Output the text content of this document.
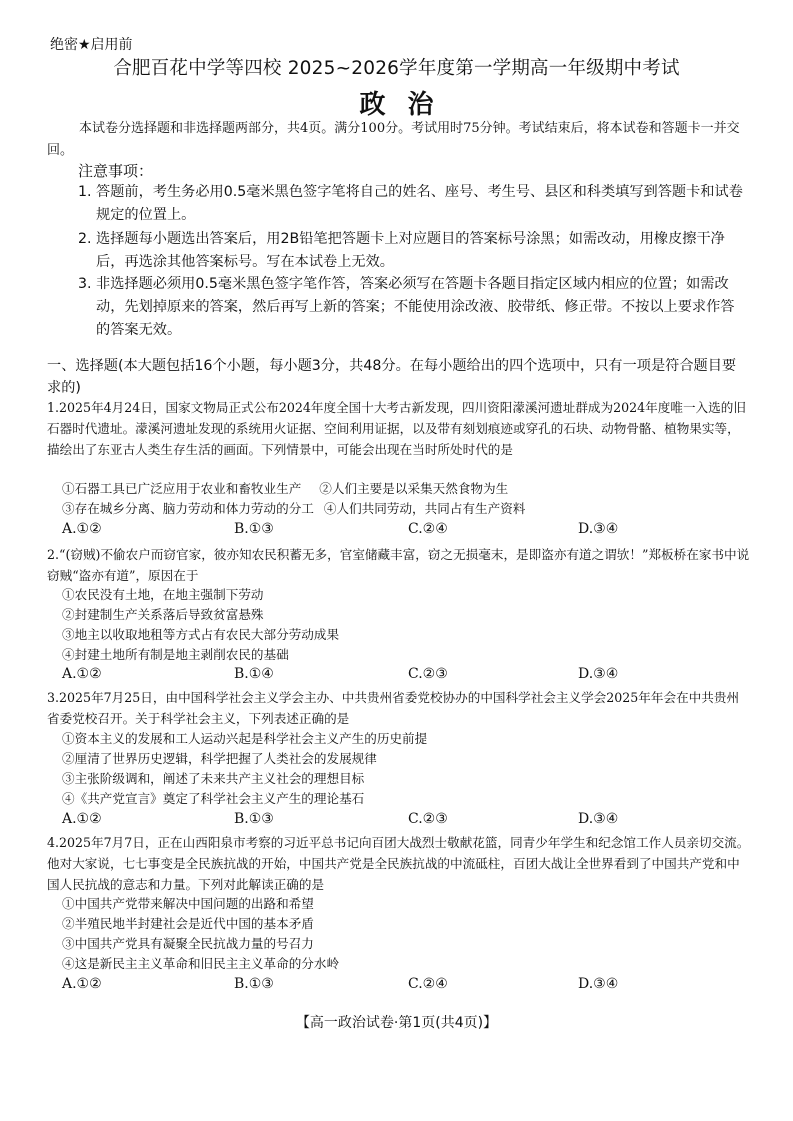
绝密★启用前
合肥百花中学等四校 2025~2026学年度第一学期高一年级期中考试
政治
本试卷分选择题和非选择题两部分，共4页。满分100分。考试用时75分钟。考试结束后，将本试卷和答题卡一并交回。
注意事项：
1. 答题前，考生务必用0.5毫米黑色签字笔将自己的姓名、座号、考生号、县区和科类填写到答题卡和试卷规定的位置上。
2. 选择题每小题选出答案后，用2B铅笔把答题卡上对应题目的答案标号涂黑；如需改动，用橡皮擦干净后，再选涂其他答案标号。写在本试卷上无效。
3. 非选择题必须用0.5毫米黑色签字笔作答，答案必须写在答题卡各题目指定区域内相应的位置；如需改动，先划掉原来的答案，然后再写上新的答案；不能使用涂改液、胶带纸、修正带。不按以上要求作答的答案无效。
一、选择题(本大题包括16个小题，每小题3分，共48分。在每小题给出的四个选项中，只有一项是符合题目要求的)
1.2025年4月24日，国家文物局正式公布2024年度全国十大考古新发现，四川资阳濛溪河遗址群成为2024年度唯一入选的旧石器时代遗址。濛溪河遗址发现的系统用火证据、空间利用证据，以及带有刻划痕迹或穿孔的石块、动物骨骼、植物果实等，描绘出了东亚古人类生存生活的画面。下列情景中，可能会出现在当时所处时代的是
①石器工具已广泛应用于农业和畜牧业生产 ②人们主要是以采集天然食物为生
③存在城乡分离、脑力劳动和体力劳动的分工 ④人们共同劳动，共同占有生产资料
A.①②	B.①③	C.②④	D.③④
2.“(窃贼)不偷农户而窃官家，彼亦知农民积蓄无多，官室储藏丰富，窃之无损毫末，是即盗亦有道之谓欤！”郑板桥在家书中说窃贼“盗亦有道”，原因在于
①农民没有土地，在地主强制下劳动
②封建制生产关系落后导致贫富悬殊
③地主以收取地租等方式占有农民大部分劳动成果
④封建土地所有制是地主剥削农民的基础
A.①②	B.①④	C.②③	D.③④
3.2025年7月25日，由中国科学社会主义学会主办、中共贵州省委党校协办的中国科学社会主义学会2025年年会在中共贵州省委党校召开。关于科学社会主义，下列表述正确的是
①资本主义的发展和工人运动兴起是科学社会主义产生的历史前提
②厘清了世界历史逻辑，科学把握了人类社会的发展规律
③主张阶级调和，阐述了未来共产主义社会的理想目标
④《共产党宣言》奠定了科学社会主义产生的理论基石
A.①②	B.①③	C.②③	D.③④
4.2025年7月7日，正在山西阳泉市考察的习近平总书记向百团大战烈士敬献花篮，同青少年学生和纪念馆工作人员亲切交流。他对大家说，七七事变是全民族抗战的开始，中国共产党是全民族抗战的中流砥柱，百团大战让全世界看到了中国共产党和中国人民抗战的意志和力量。下列对此解读正确的是
①中国共产党带来解决中国问题的出路和希望
②半殖民地半封建社会是近代中国的基本矛盾
③中国共产党具有凝聚全民抗战力量的号召力
④这是新民主主义革命和旧民主主义革命的分水岭
A.①②	B.①③	C.②④	D.③④
【高一政治试卷·第1页(共4页)】
